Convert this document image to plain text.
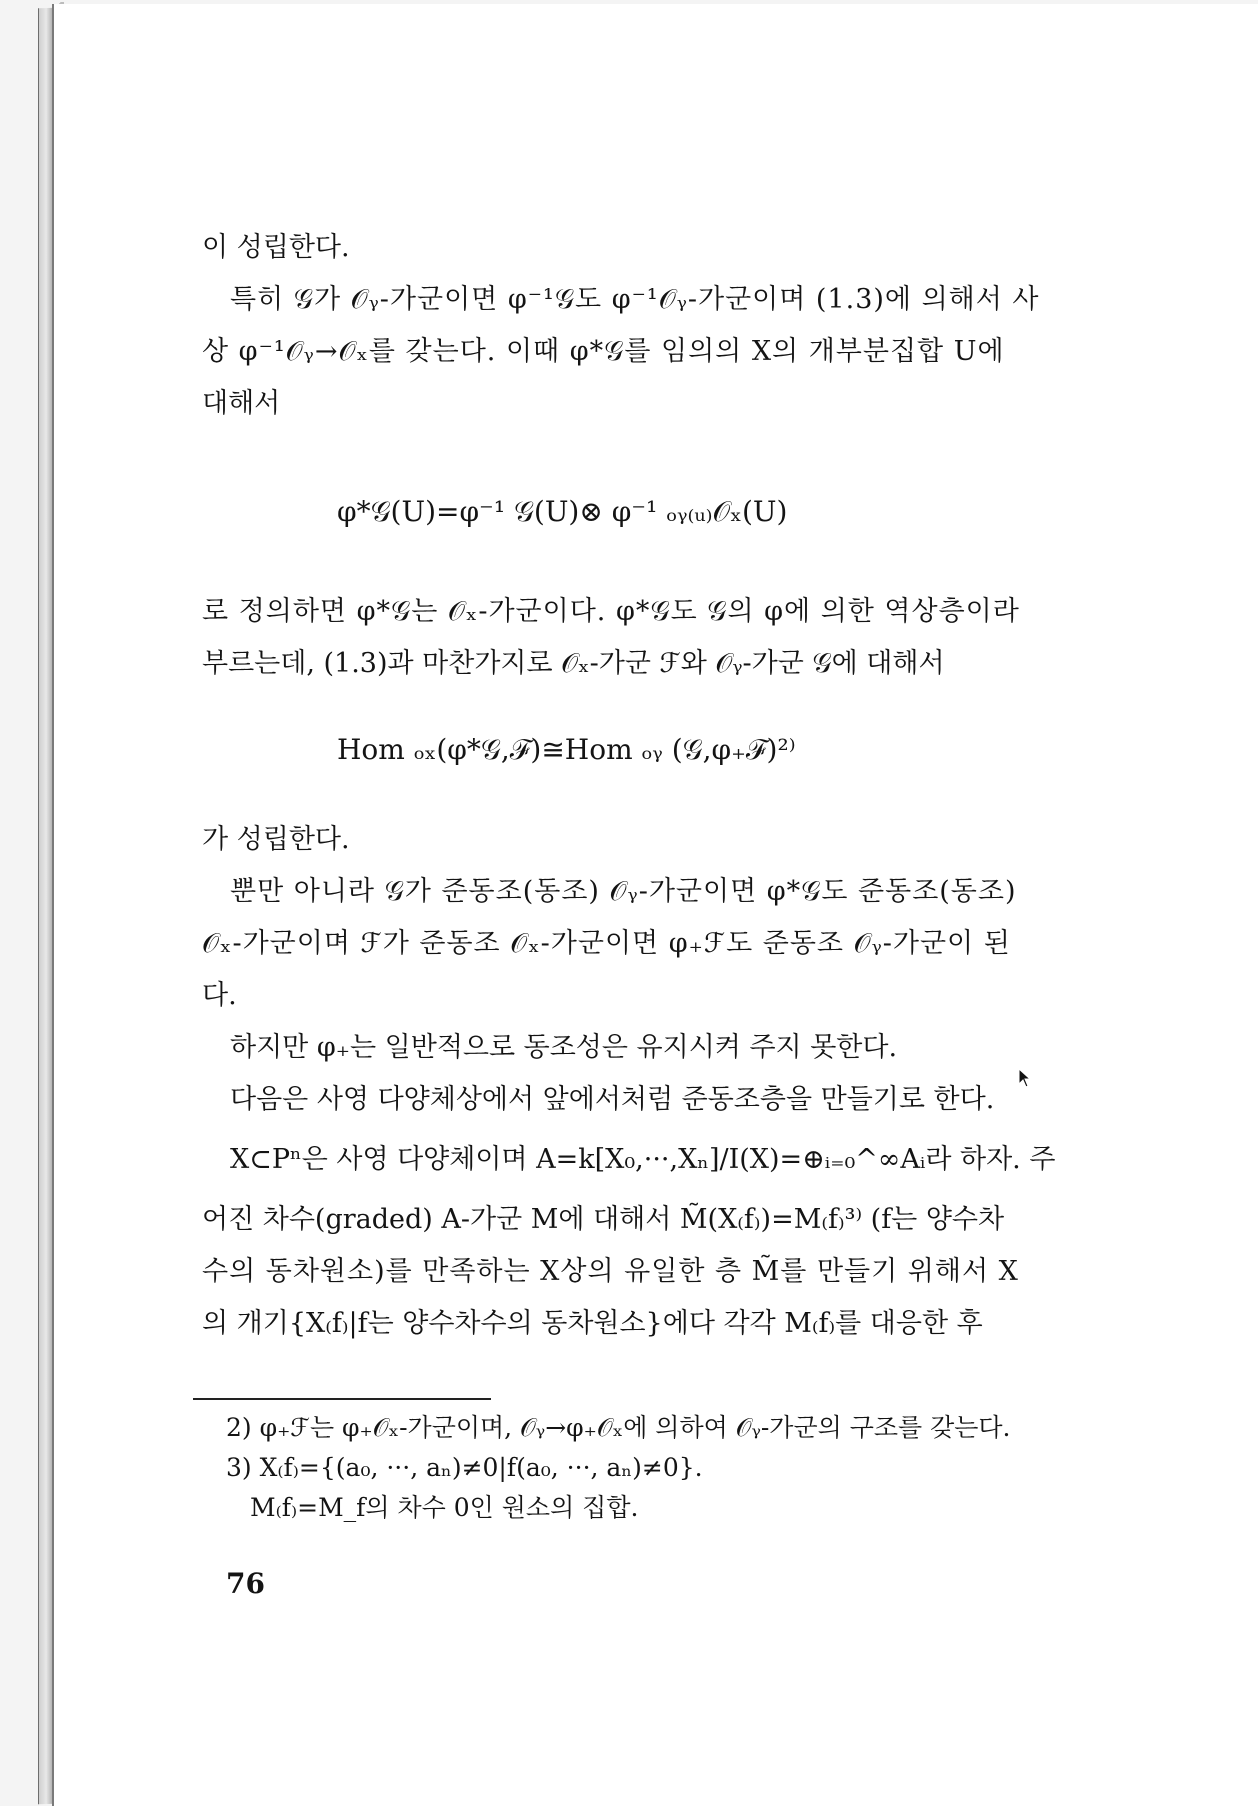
이 성립한다.
특히 𝒢가 𝒪ᵧ-가군이면 φ⁻¹𝒢도 φ⁻¹𝒪ᵧ-가군이며 (1.3)에 의해서 사
상 φ⁻¹𝒪ᵧ→𝒪ₓ를 갖는다. 이때 φ*𝒢를 임의의 X의 개부분집합 U에
대해서
φ*𝒢(U)=φ⁻¹ 𝒢(U)⊗ φ⁻¹ ₒᵧ₍ᵤ₎𝒪ₓ(U)
로 정의하면 φ*𝒢는 𝒪ₓ-가군이다. φ*𝒢도 𝒢의 φ에 의한 역상층이라
부르는데, (1.3)과 마찬가지로 𝒪ₓ-가군 ℱ와 𝒪ᵧ-가군 𝒢에 대해서
Hom ₒₓ(φ*𝒢,ℱ)≅Hom ₒᵧ (𝒢,φ₊ℱ)²⁾
가 성립한다.
뿐만 아니라 𝒢가 준동조(동조) 𝒪ᵧ-가군이면 φ*𝒢도 준동조(동조)
𝒪ₓ-가군이며 ℱ가 준동조 𝒪ₓ-가군이면 φ₊ℱ도 준동조 𝒪ᵧ-가군이 된
다.
하지만 φ₊는 일반적으로 동조성은 유지시켜 주지 못한다.
다음은 사영 다양체상에서 앞에서처럼 준동조층을 만들기로 한다.
X⊂Pⁿ은 사영 다양체이며 A=k[X₀,···,Xₙ]/I(X)=⊕ᵢ₌₀^∞Aᵢ라 하자. 주
어진 차수(graded) A-가군 M에 대해서 M̃(X₍f₎)=M₍f₎³⁾ (f는 양수차
수의 동차원소)를 만족하는 X상의 유일한 층 M̃를 만들기 위해서 X
의 개기{X₍f₎|f는 양수차수의 동차원소}에다 각각 M₍f₎를 대응한 후
2) φ₊ℱ는 φ₊𝒪ₓ-가군이며, 𝒪ᵧ→φ₊𝒪ₓ에 의하여 𝒪ᵧ-가군의 구조를 갖는다.
3) X₍f₎={(a₀, ···, aₙ)≠0|f(a₀, ···, aₙ)≠0}.
M₍f₎=M_f의 차수 0인 원소의 집합.
76
